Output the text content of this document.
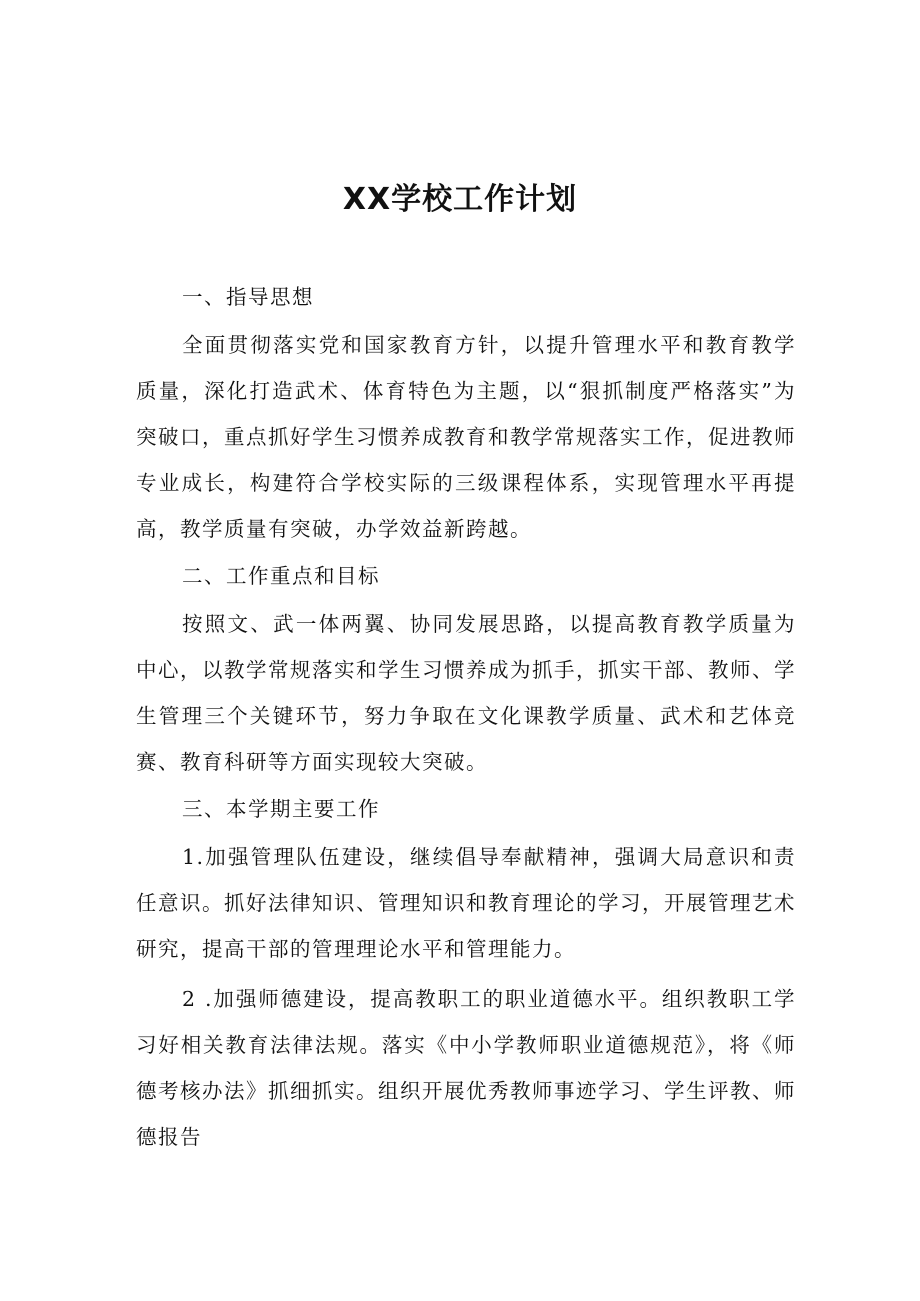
XX学校工作计划

一、指导思想

全面贯彻落实党和国家教育方针，以提升管理水平和教育教学质量，深化打造武术、体育特色为主题，以“狠抓制度严格落实”为突破口，重点抓好学生习惯养成教育和教学常规落实工作，促进教师专业成长，构建符合学校实际的三级课程体系，实现管理水平再提高，教学质量有突破，办学效益新跨越。

二、工作重点和目标

按照文、武一体两翼、协同发展思路，以提高教育教学质量为中心，以教学常规落实和学生习惯养成为抓手，抓实干部、教师、学生管理三个关键环节，努力争取在文化课教学质量、武术和艺体竞赛、教育科研等方面实现较大突破。

三、本学期主要工作

1.加强管理队伍建设，继续倡导奉献精神，强调大局意识和责任意识。抓好法律知识、管理知识和教育理论的学习，开展管理艺术研究，提高干部的管理理论水平和管理能力。

2 .加强师德建设，提高教职工的职业道德水平。组织教职工学习好相关教育法律法规。落实《中小学教师职业道德规范》，将《师德考核办法》抓细抓实。组织开展优秀教师事迹学习、学生评教、师德报告
